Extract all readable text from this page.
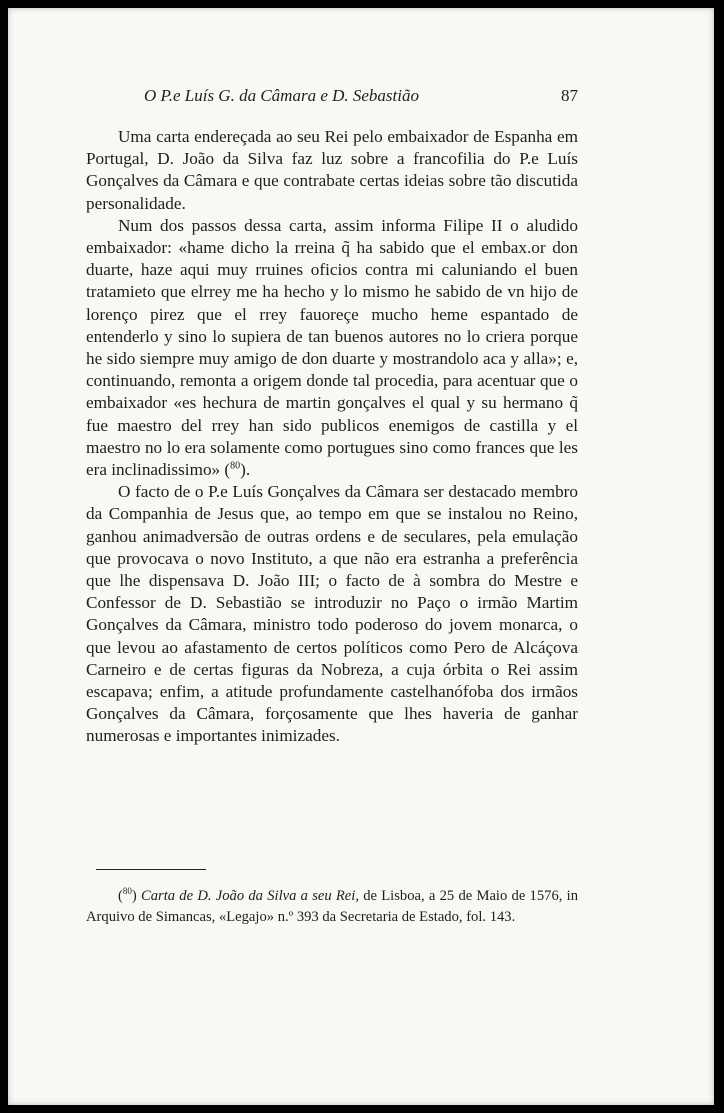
O P.e Luís G. da Câmara e D. Sebastião	87

Uma carta endereçada ao seu Rei pelo embaixador de Espanha em Portugal, D. João da Silva faz luz sobre a francofilia do P.e Luís Gonçalves da Câmara e que contrabate certas ideias sobre tão discutida personalidade.

Num dos passos dessa carta, assim informa Filipe II o aludido embaixador: «hame dicho la rreina q̃ ha sabido que el embax.or don duarte, haze aqui muy rruines oficios contra mi caluniando el buen tratamieto que elrrey me ha hecho y lo mismo he sabido de vn hijo de lorenço pirez que el rrey fauoreçe mucho heme espantado de entenderlo y sino lo supiera de tan buenos autores no lo criera porque he sido siempre muy amigo de don duarte y mostrandolo aca y alla»; e, continuando, remonta a origem donde tal procedia, para acentuar que o embaixador «es hechura de martin gonçalves el qual y su hermano q̃ fue maestro del rrey han sido publicos enemigos de castilla y el maestro no lo era solamente como portugues sino como frances que les era inclinadissimo» ($^{80}$).

O facto de o P.e Luís Gonçalves da Câmara ser destacado membro da Companhia de Jesus que, ao tempo em que se instalou no Reino, ganhou animadversão de outras ordens e de seculares, pela emulação que provocava o novo Instituto, a que não era estranha a preferência que lhe dispensava D. João III; o facto de à sombra do Mestre e Confessor de D. Sebastião se introduzir no Paço o irmão Martim Gonçalves da Câmara, ministro todo poderoso do jovem monarca, o que levou ao afastamento de certos políticos como Pero de Alcáçova Carneiro e de certas figuras da Nobreza, a cuja órbita o Rei assim escapava; enfim, a atitude profundamente castelhanófoba dos irmãos Gonçalves da Câmara, forçosamente que lhes haveria de ganhar numerosas e importantes inimizades.

($^{80}$) Carta de D. João da Silva a seu Rei, de Lisboa, a 25 de Maio de 1576, in Arquivo de Simancas, «Legajo» n.º 393 da Secretaria de Estado, fol. 143.
